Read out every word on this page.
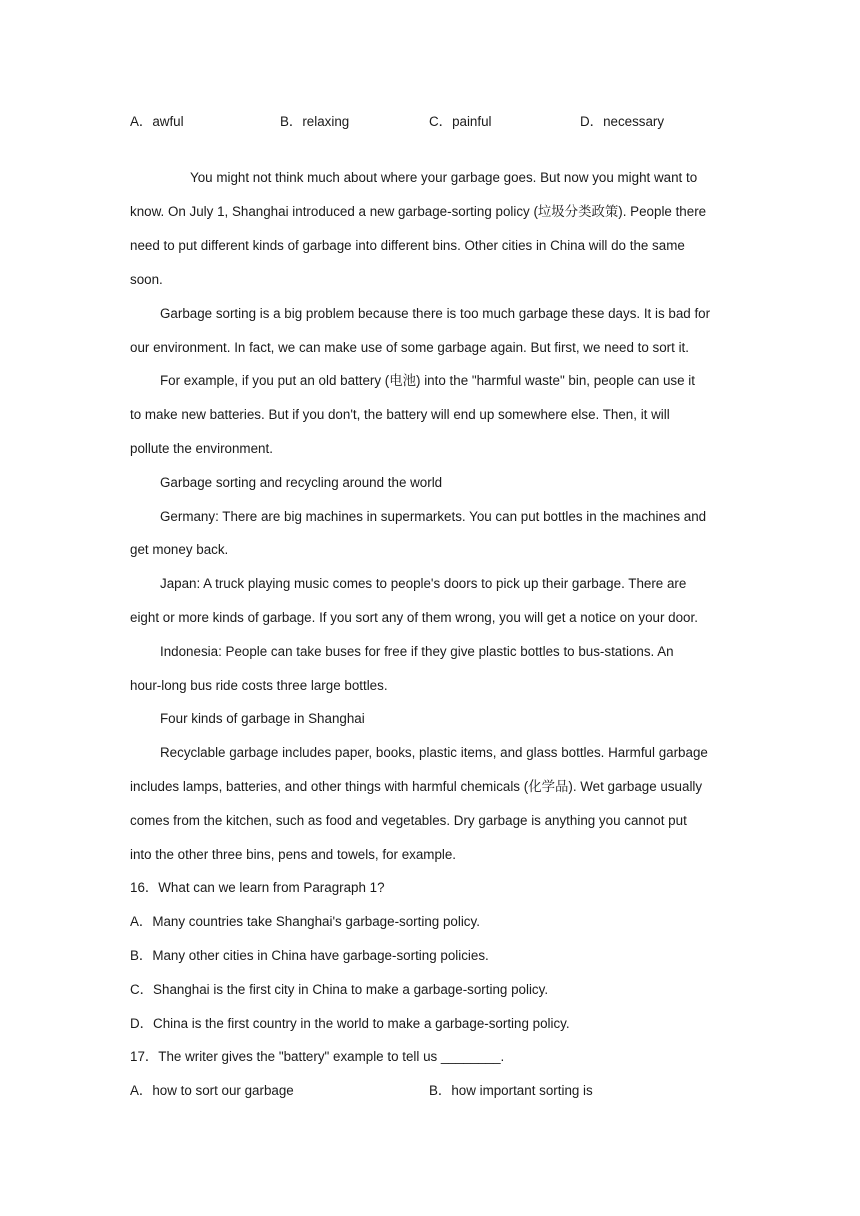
A．awful	B．relaxing	C．painful	D．necessary
You might not think much about where your garbage goes. But now you might want to
know. On July 1, Shanghai introduced a new garbage-sorting policy (垃圾分类政策). People there
need to put different kinds of garbage into different bins. Other cities in China will do the same
soon.
Garbage sorting is a big problem because there is too much garbage these days. It is bad for
our environment. In fact, we can make use of some garbage again. But first, we need to sort it.
For example, if you put an old battery (电池) into the "harmful waste" bin, people can use it
to make new batteries. But if you don't, the battery will end up somewhere else. Then, it will
pollute the environment.
Garbage sorting and recycling around the world
Germany: There are big machines in supermarkets. You can put bottles in the machines and
get money back.
Japan: A truck playing music comes to people's doors to pick up their garbage. There are
eight or more kinds of garbage. If you sort any of them wrong, you will get a notice on your door.
Indonesia: People can take buses for free if they give plastic bottles to bus-stations. An
hour-long bus ride costs three large bottles.
Four kinds of garbage in Shanghai
Recyclable garbage includes paper, books, plastic items, and glass bottles. Harmful garbage
includes lamps, batteries, and other things with harmful chemicals (化学品). Wet garbage usually
comes from the kitchen, such as food and vegetables. Dry garbage is anything you cannot put
into the other three bins, pens and towels, for example.
16．What can we learn from Paragraph 1?
A．Many countries take Shanghai's garbage-sorting policy.
B．Many other cities in China have garbage-sorting policies.
C．Shanghai is the first city in China to make a garbage-sorting policy.
D．China is the first country in the world to make a garbage-sorting policy.
17．The writer gives the "battery" example to tell us ________.
A．how to sort our garbage	B．how important sorting is
